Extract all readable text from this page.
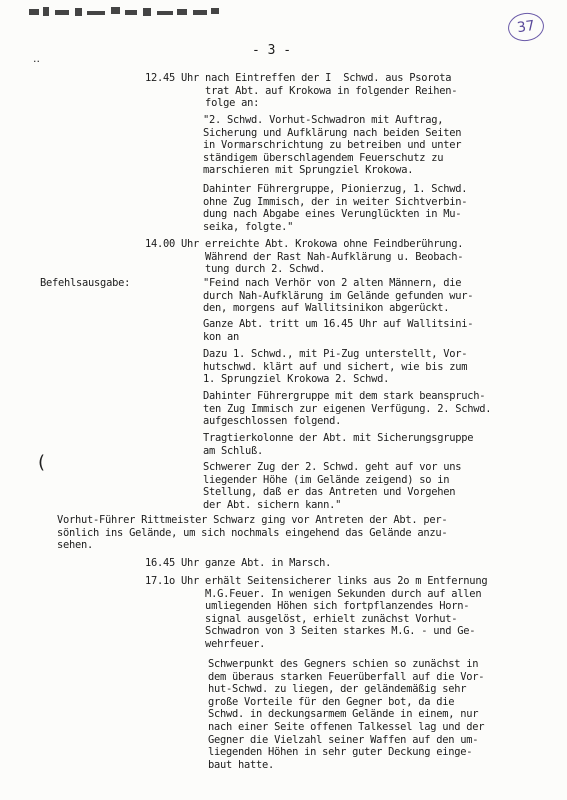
··
(
37
- 3 -
12.45 Uhr nach Eintreffen der I  Schwd. aus Psorota
trat Abt. auf Krokowa in folgender Reihen-
folge an:
"2. Schwd. Vorhut-Schwadron mit Auftrag,
Sicherung und Aufklärung nach beiden Seiten
in Vormarschrichtung zu betreiben und unter
ständigem überschlagendem Feuerschutz zu
marschieren mit Sprungziel Krokowa.
Dahinter Führergruppe, Pionierzug, 1. Schwd.
ohne Zug Immisch, der in weiter Sichtverbin-
dung nach Abgabe eines Verunglückten in Mu-
seika, folgte."
14.00 Uhr erreichte Abt. Krokowa ohne Feindberührung.
Während der Rast Nah-Aufklärung u. Beobach-
tung durch 2. Schwd.
Befehlsausgabe:	"Feind nach Verhör von 2 alten Männern, die
durch Nah-Aufklärung im Gelände gefunden wur-
den, morgens auf Wallitsinikon abgerückt.
Ganze Abt. tritt um 16.45 Uhr auf Wallitsini-
kon an
Dazu 1. Schwd., mit Pi-Zug unterstellt, Vor-
hutschwd. klärt auf und sichert, wie bis zum
1. Sprungziel Krokowa 2. Schwd.
Dahinter Führergruppe mit dem stark beanspruch-
ten Zug Immisch zur eigenen Verfügung. 2. Schwd.
aufgeschlossen folgend.
Tragtierkolonne der Abt. mit Sicherungsgruppe
am Schluß.
Schwerer Zug der 2. Schwd. geht auf vor uns
liegender Höhe (im Gelände zeigend) so in
Stellung, daß er das Antreten und Vorgehen
der Abt. sichern kann."
Vorhut-Führer Rittmeister Schwarz ging vor Antreten der Abt. per-
sönlich ins Gelände, um sich nochmals eingehend das Gelände anzu-
sehen.
16.45 Uhr ganze Abt. in Marsch.
17.1o Uhr erhält Seitensicherer links aus 2o m Entfernung
M.G.Feuer. In wenigen Sekunden durch auf allen
umliegenden Höhen sich fortpflanzendes Horn-
signal ausgelöst, erhielt zunächst Vorhut-
Schwadron von 3 Seiten starkes M.G. - und Ge-
wehrfeuer.
Schwerpunkt des Gegners schien so zunächst in
dem überaus starken Feuerüberfall auf die Vor-
hut-Schwd. zu liegen, der geländemäßig sehr
große Vorteile für den Gegner bot, da die
Schwd. in deckungsarmem Gelände in einem, nur
nach einer Seite offenen Talkessel lag und der
Gegner die Vielzahl seiner Waffen auf den um-
liegenden Höhen in sehr guter Deckung einge-
baut hatte.
